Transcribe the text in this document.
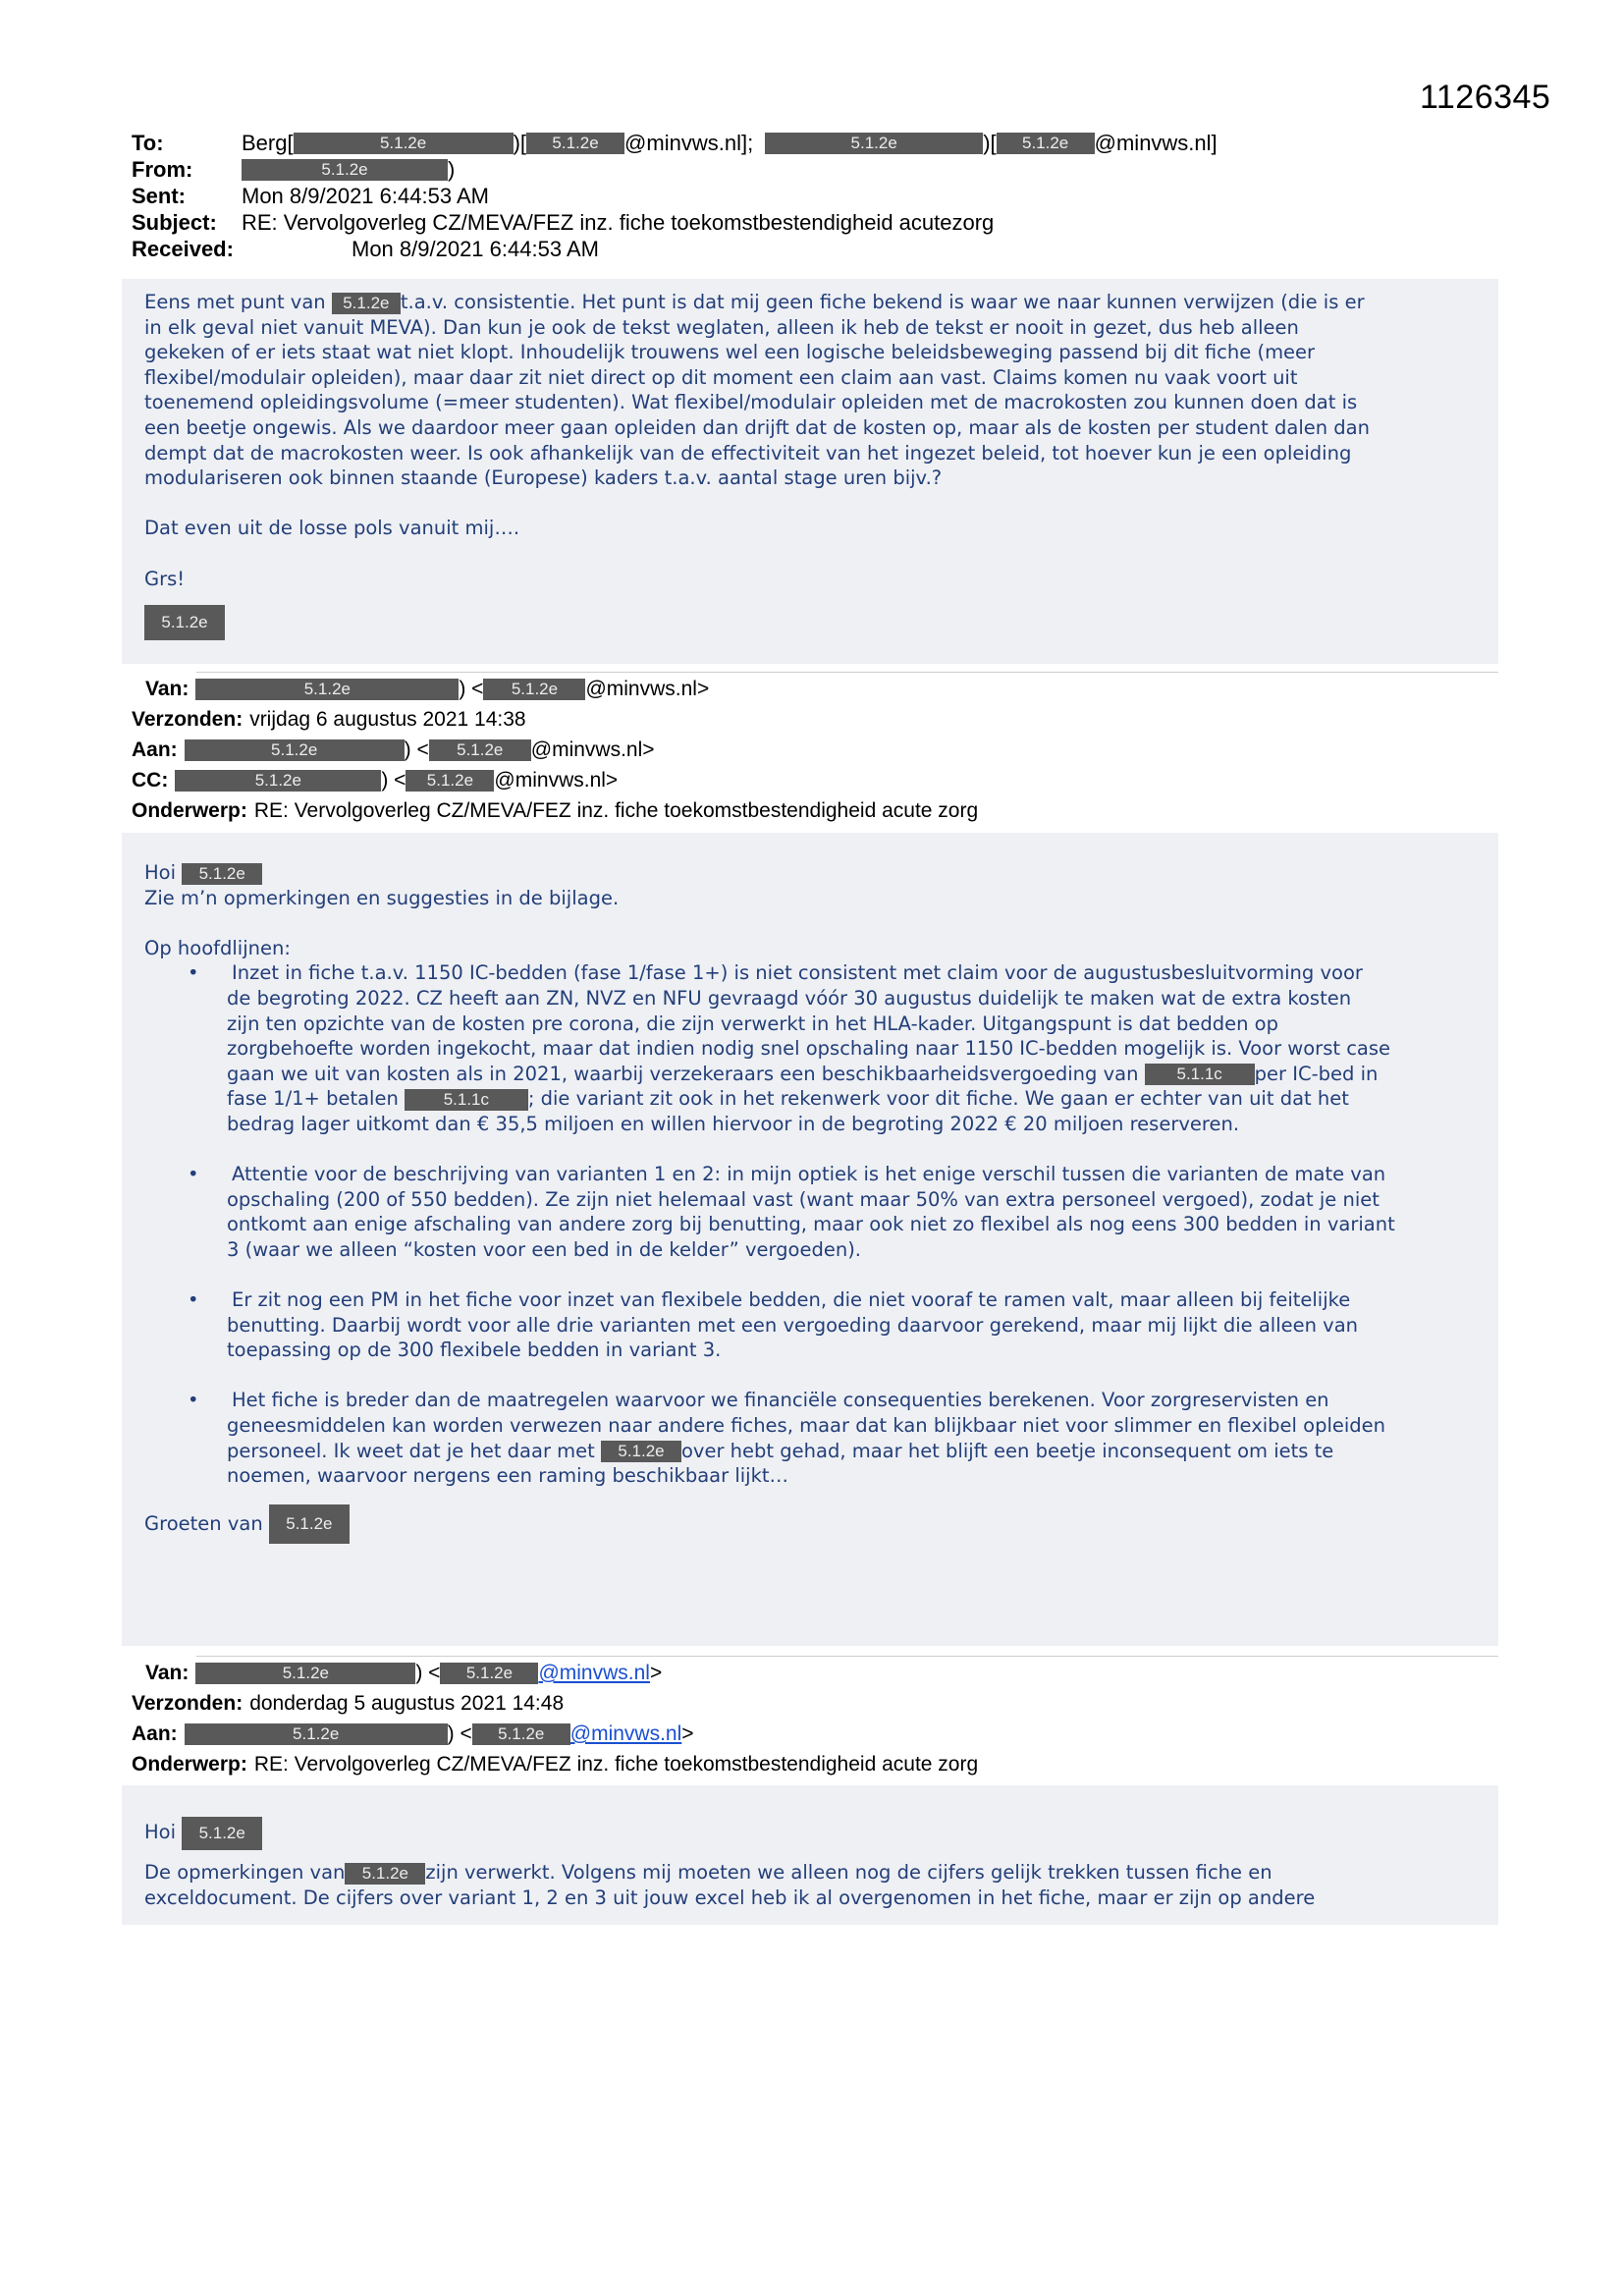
1126345
To:	Berg[	5.1.2e	)[	5.1.2e	@minvws.nl];	5.1.2e	)[	5.1.2e	@minvws.nl]
From:	5.1.2e	)
Sent:	Mon 8/9/2021 6:44:53 AM
Subject:	RE: Vervolgoverleg CZ/MEVA/FEZ inz. fiche toekomstbestendigheid acutezorg
Received:	Mon 8/9/2021 6:44:53 AM
Eens met punt van 5.1.2e t.a.v. consistentie. Het punt is dat mij geen fiche bekend is waar we naar kunnen verwijzen (die is er
in elk geval niet vanuit MEVA). Dan kun je ook de tekst weglaten, alleen ik heb de tekst er nooit in gezet, dus heb alleen
gekeken of er iets staat wat niet klopt. Inhoudelijk trouwens wel een logische beleidsbeweging passend bij dit fiche (meer
flexibel/modulair opleiden), maar daar zit niet direct op dit moment een claim aan vast. Claims komen nu vaak voort uit
toenemend opleidingsvolume (=meer studenten). Wat flexibel/modulair opleiden met de macrokosten zou kunnen doen dat is
een beetje ongewis. Als we daardoor meer gaan opleiden dan drijft dat de kosten op, maar als de kosten per student dalen dan
dempt dat de macrokosten weer. Is ook afhankelijk van de effectiviteit van het ingezet beleid, tot hoever kun je een opleiding
modulariseren ook binnen staande (Europese) kaders t.a.v. aantal stage uren bijv.?
Dat even uit de losse pols vanuit mij….
Grs!
5.1.2e
Van:	5.1.2e	) <	5.1.2e	@minvws.nl>
Verzonden: vrijdag 6 augustus 2021 14:38
Aan:	5.1.2e	) <	5.1.2e	@minvws.nl>
CC:	5.1.2e	) <	5.1.2e	@minvws.nl>
Onderwerp: RE: Vervolgoverleg CZ/MEVA/FEZ inz. fiche toekomstbestendigheid acute zorg
Hoi 5.1.2e
Zie m’n opmerkingen en suggesties in de bijlage.
Op hoofdlijnen:
• Inzet in fiche t.a.v. 1150 IC-bedden (fase 1/fase 1+) is niet consistent met claim voor de augustusbesluitvorming voor
de begroting 2022. CZ heeft aan ZN, NVZ en NFU gevraagd vóór 30 augustus duidelijk te maken wat de extra kosten
zijn ten opzichte van de kosten pre corona, die zijn verwerkt in het HLA-kader. Uitgangspunt is dat bedden op
zorgbehoefte worden ingekocht, maar dat indien nodig snel opschaling naar 1150 IC-bedden mogelijk is. Voor worst case
gaan we uit van kosten als in 2021, waarbij verzekeraars een beschikbaarheidsvergoeding van 5.1.1c per IC-bed in
fase 1/1+ betalen	5.1.1c ; die variant zit ook in het rekenwerk voor dit fiche. We gaan er echter van uit dat het
bedrag lager uitkomt dan € 35,5 miljoen en willen hiervoor in de begroting 2022 € 20 miljoen reserveren.
• Attentie voor de beschrijving van varianten 1 en 2: in mijn optiek is het enige verschil tussen die varianten de mate van
opschaling (200 of 550 bedden). Ze zijn niet helemaal vast (want maar 50% van extra personeel vergoed), zodat je niet
ontkomt aan enige afschaling van andere zorg bij benutting, maar ook niet zo flexibel als nog eens 300 bedden in variant
3 (waar we alleen “kosten voor een bed in de kelder” vergoeden).
• Er zit nog een PM in het fiche voor inzet van flexibele bedden, die niet vooraf te ramen valt, maar alleen bij feitelijke
benutting. Daarbij wordt voor alle drie varianten met een vergoeding daarvoor gerekend, maar mij lijkt die alleen van
toepassing op de 300 flexibele bedden in variant 3.
• Het fiche is breder dan de maatregelen waarvoor we financiële consequenties berekenen. Voor zorgreservisten en
geneesmiddelen kan worden verwezen naar andere fiches, maar dat kan blijkbaar niet voor slimmer en flexibel opleiden
personeel. Ik weet dat je het daar met 5.1.2e over hebt gehad, maar het blijft een beetje inconsequent om iets te
noemen, waarvoor nergens een raming beschikbaar lijkt…
Groeten van 5.1.2e
Van:	5.1.2e	) <	5.1.2e	@minvws.nl >
Verzonden: donderdag 5 augustus 2021 14:48
Aan:	5.1.2e	) <	5.1.2e	@minvws.nl >
Onderwerp: RE: Vervolgoverleg CZ/MEVA/FEZ inz. fiche toekomstbestendigheid acute zorg
Hoi 5.1.2e
De opmerkingen van 5.1.2e zijn verwerkt. Volgens mij moeten we alleen nog de cijfers gelijk trekken tussen fiche en
exceldocument. De cijfers over variant 1, 2 en 3 uit jouw excel heb ik al overgenomen in het fiche, maar er zijn op andere
